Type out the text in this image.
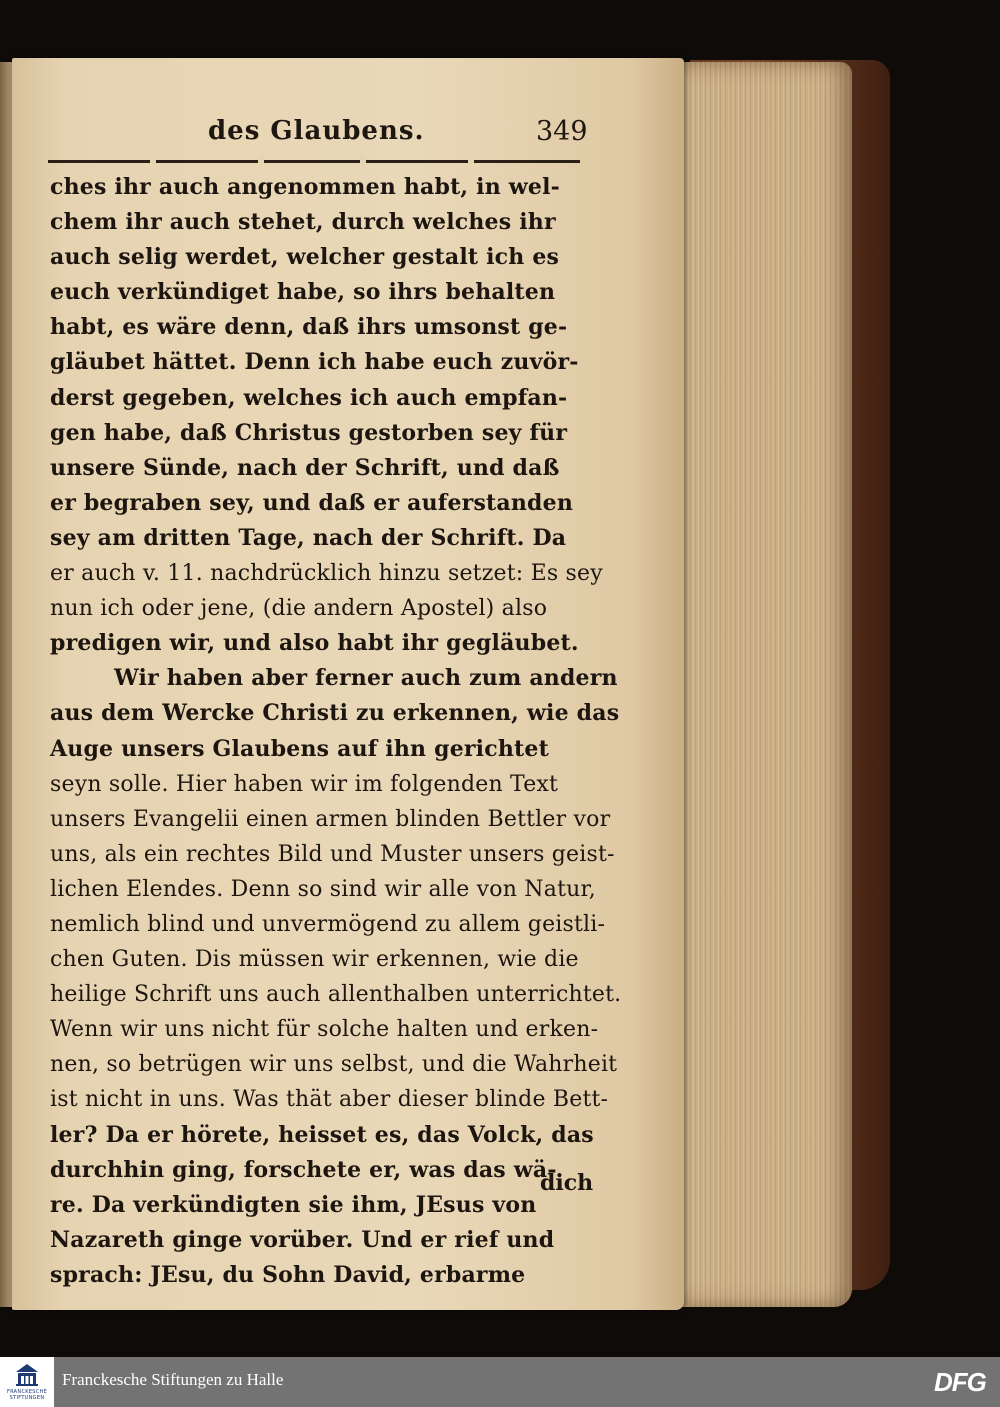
des Glaubens.	349
ches ihr auch angenommen habt, in wel-
chem ihr auch stehet, durch welches ihr
auch selig werdet, welcher gestalt ich es
euch verkündiget habe, so ihrs behalten
habt, es wäre denn, daß ihrs umsonst ge-
gläubet hättet. Denn ich habe euch zuvör-
derst gegeben, welches ich auch empfan-
gen habe, daß Christus gestorben sey für
unsere Sünde, nach der Schrift, und daß
er begraben sey, und daß er auferstanden
sey am dritten Tage, nach der Schrift. Da
er auch v. 11. nachdrücklich hinzu setzet: Es sey
nun ich oder jene, (die andern Apostel) also
predigen wir, und also habt ihr gegläubet.
Wir haben aber ferner auch zum andern
aus dem Wercke Christi zu erkennen, wie das
Auge unsers Glaubens auf ihn gerichtet
seyn solle. Hier haben wir im folgenden Text
unsers Evangelii einen armen blinden Bettler vor
uns, als ein rechtes Bild und Muster unsers geist-
lichen Elendes. Denn so sind wir alle von Natur,
nemlich blind und unvermögend zu allem geistli-
chen Guten. Dis müssen wir erkennen, wie die
heilige Schrift uns auch allenthalben unterrichtet.
Wenn wir uns nicht für solche halten und erken-
nen, so betrügen wir uns selbst, und die Wahrheit
ist nicht in uns. Was thät aber dieser blinde Bett-
ler? Da er hörete, heisset es, das Volck, das
durchhin ging, forschete er, was das wä-
re. Da verkündigten sie ihm, JEsus von
Nazareth ginge vorüber. Und er rief und
sprach: JEsu, du Sohn David, erbarme
dich
FRANCKESCHE STIFTUNGEN
Franckesche Stiftungen zu Halle	DFG
